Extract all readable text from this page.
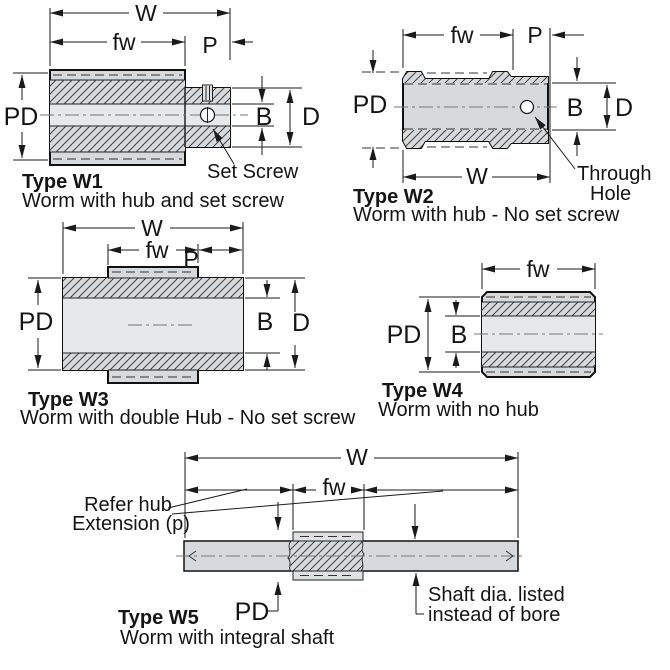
W
fw	P
PD	B D
Set Screw
Type W1
Worm with hub and set screw
fw P
PD	B D
W	Through
Hole
Type W2
Worm with hub - No set screw
W
fw P
PD	B D
Type W3
Worm with double Hub - No set screw
fw
PD B
Type W4
Worm with no hub
W
fw
Refer hub
Extension (p)
PD
Shaft dia. listed
instead of bore
Type W5
Worm with integral shaft
